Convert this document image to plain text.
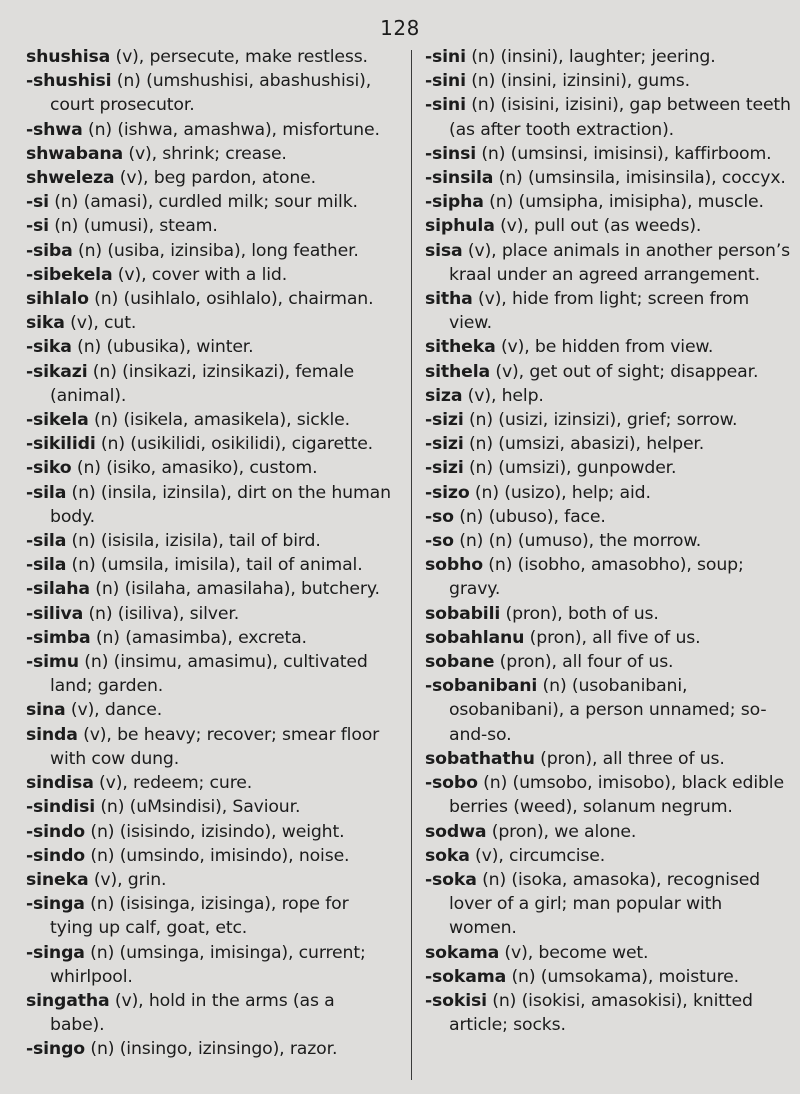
128
shushisa (v), persecute, make restless.
-shushisi (n) (umshushisi, abashushisi), court prosecutor.
-shwa (n) (ishwa, amashwa), misfortune.
shwabana (v), shrink; crease.
shweleza (v), beg pardon, atone.
-si (n) (amasi), curdled milk; sour milk.
-si (n) (umusi), steam.
-siba (n) (usiba, izinsiba), long feather.
-sibekela (v), cover with a lid.
sihlalo (n) (usihlalo, osihlalo), chairman.
sika (v), cut.
-sika (n) (ubusika), winter.
-sikazi (n) (insikazi, izinsikazi), female (animal).
-sikela (n) (isikela, amasikela), sickle.
-sikilidi (n) (usikilidi, osikilidi), cigarette.
-siko (n) (isiko, amasiko), custom.
-sila (n) (insila, izinsila), dirt on the human body.
-sila (n) (isisila, izisila), tail of bird.
-sila (n) (umsila, imisila), tail of animal.
-silaha (n) (isilaha, amasilaha), butchery.
-siliva (n) (isiliva), silver.
-simba (n) (amasimba), excreta.
-simu (n) (insimu, amasimu), cultivated land; garden.
sina (v), dance.
sinda (v), be heavy; recover; smear floor with cow dung.
sindisa (v), redeem; cure.
-sindisi (n) (uMsindisi), Saviour.
-sindo (n) (isisindo, izisindo), weight.
-sindo (n) (umsindo, imisindo), noise.
sineka (v), grin.
-singa (n) (isisinga, izisinga), rope for tying up calf, goat, etc.
-singa (n) (umsinga, imisinga), current; whirlpool.
singatha (v), hold in the arms (as a babe).
-singo (n) (insingo, izinsingo), razor.
-sini (n) (insini), laughter; jeering.
-sini (n) (insini, izinsini), gums.
-sini (n) (isisini, izisini), gap between teeth (as after tooth extraction).
-sinsi (n) (umsinsi, imisinsi), kaffirboom.
-sinsila (n) (umsinsila, imisinsila), coccyx.
-sipha (n) (umsipha, imisipha), muscle.
siphula (v), pull out (as weeds).
sisa (v), place animals in another person’s kraal under an agreed arrangement.
sitha (v), hide from light; screen from view.
sitheka (v), be hidden from view.
sithela (v), get out of sight; disappear.
siza (v), help.
-sizi (n) (usizi, izinsizi), grief; sorrow.
-sizi (n) (umsizi, abasizi), helper.
-sizi (n) (umsizi), gunpowder.
-sizo (n) (usizo), help; aid.
-so (n) (ubuso), face.
-so (n) (n) (umuso), the morrow.
sobho (n) (isobho, amasobho), soup; gravy.
sobabili (pron), both of us.
sobahlanu (pron), all five of us.
sobane (pron), all four of us.
-sobanibani (n) (usobanibani, osobanibani), a person unnamed; so-and-so.
sobathathu (pron), all three of us.
-sobo (n) (umsobo, imisobo), black edible berries (weed), solanum negrum.
sodwa (pron), we alone.
soka (v), circumcise.
-soka (n) (isoka, amasoka), recognised lover of a girl; man popular with women.
sokama (v), become wet.
-sokama (n) (umsokama), moisture.
-sokisi (n) (isokisi, amasokisi), knitted article; socks.
